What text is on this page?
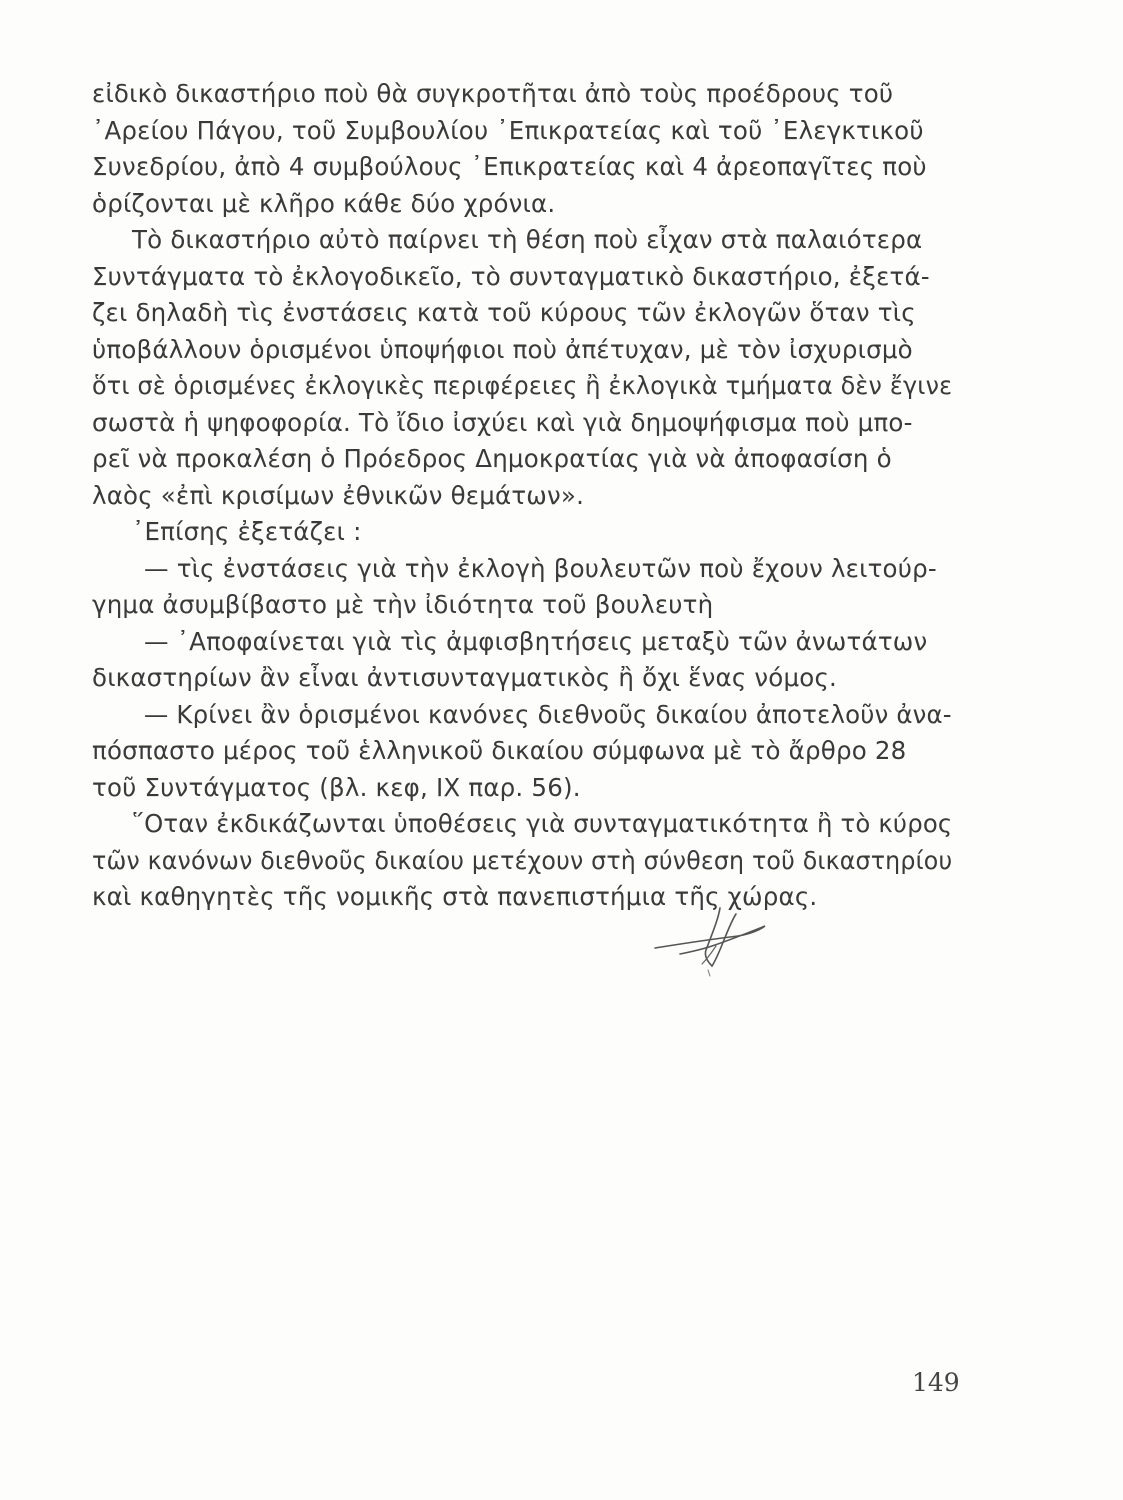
εἰδικὸ δικαστήριο ποὺ θὰ συγκροτῆται ἀπὸ τοὺς προέδρους τοῦ
᾿Αρείου Πάγου, τοῦ Συμβουλίου ᾿Επικρατείας καὶ τοῦ ᾿Ελεγκτικοῦ
Συνεδρίου, ἀπὸ 4 συμβούλους ᾿Επικρατείας καὶ 4 ἀρεοπαγῖτες ποὺ
ὁρίζονται μὲ κλῆρο κάθε δύο χρόνια.
Τὸ δικαστήριο αὐτὸ παίρνει τὴ θέση ποὺ εἶχαν στὰ παλαιότερα
Συντάγματα τὸ ἐκλογοδικεῖο, τὸ συνταγματικὸ δικαστήριο, ἐξετά-
ζει δηλαδὴ τὶς ἐνστάσεις κατὰ τοῦ κύρους τῶν ἐκλογῶν ὅταν τὶς
ὑποβάλλουν ὁρισμένοι ὑποψήφιοι ποὺ ἀπέτυχαν, μὲ τὸν ἰσχυρισμὸ
ὅτι σὲ ὁρισμένες ἐκλογικὲς περιφέρειες ἢ ἐκλογικὰ τμήματα δὲν ἔγινε
σωστὰ ἡ ψηφοφορία. Τὸ ἴδιο ἰσχύει καὶ γιὰ δημοψήφισμα ποὺ μπο-
ρεῖ νὰ προκαλέση ὁ Πρόεδρος Δημοκρατίας γιὰ νὰ ἀποφασίση ὁ
λαὸς «ἐπὶ κρισίμων ἐθνικῶν θεμάτων».
᾿Επίσης ἐξετάζει :
— τὶς ἐνστάσεις γιὰ τὴν ἐκλογὴ βουλευτῶν ποὺ ἔχουν λειτούρ-
γημα ἀσυμβίβαστο μὲ τὴν ἰδιότητα τοῦ βουλευτὴ
— ᾿Αποφαίνεται γιὰ τὶς ἀμφισβητήσεις μεταξὺ τῶν ἀνωτάτων
δικαστηρίων ἂν εἶναι ἀντισυνταγματικὸς ἢ ὄχι ἕνας νόμος.
— Κρίνει ἂν ὁρισμένοι κανόνες διεθνοῦς δικαίου ἀποτελοῦν ἀνα-
πόσπαστο μέρος τοῦ ἑλληνικοῦ δικαίου σύμφωνα μὲ τὸ ἄρθρο 28
τοῦ Συντάγματος (βλ. κεφ, ΙΧ παρ. 56).
῞Οταν ἐκδικάζωνται ὑποθέσεις γιὰ συνταγματικότητα ἢ τὸ κύρος
τῶν κανόνων διεθνοῦς δικαίου μετέχουν στὴ σύνθεση τοῦ δικαστηρίου
καὶ καθηγητὲς τῆς νομικῆς στὰ πανεπιστήμια τῆς χώρας.
149
